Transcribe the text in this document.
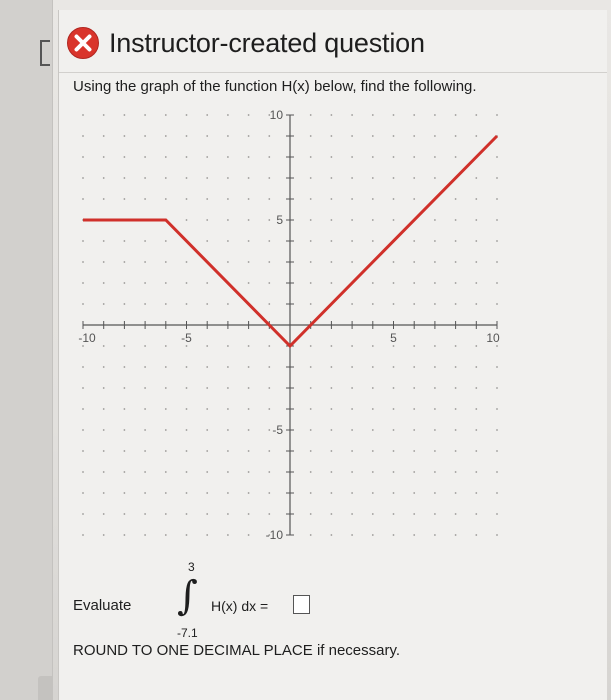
Instructor-created question
Using the graph of the function H(x) below, find the following.
-10	-5	5	10
10
5
-5
-10
Evaluate
3
∫
-7.1
H(x) dx =
ROUND TO ONE DECIMAL PLACE if necessary.
